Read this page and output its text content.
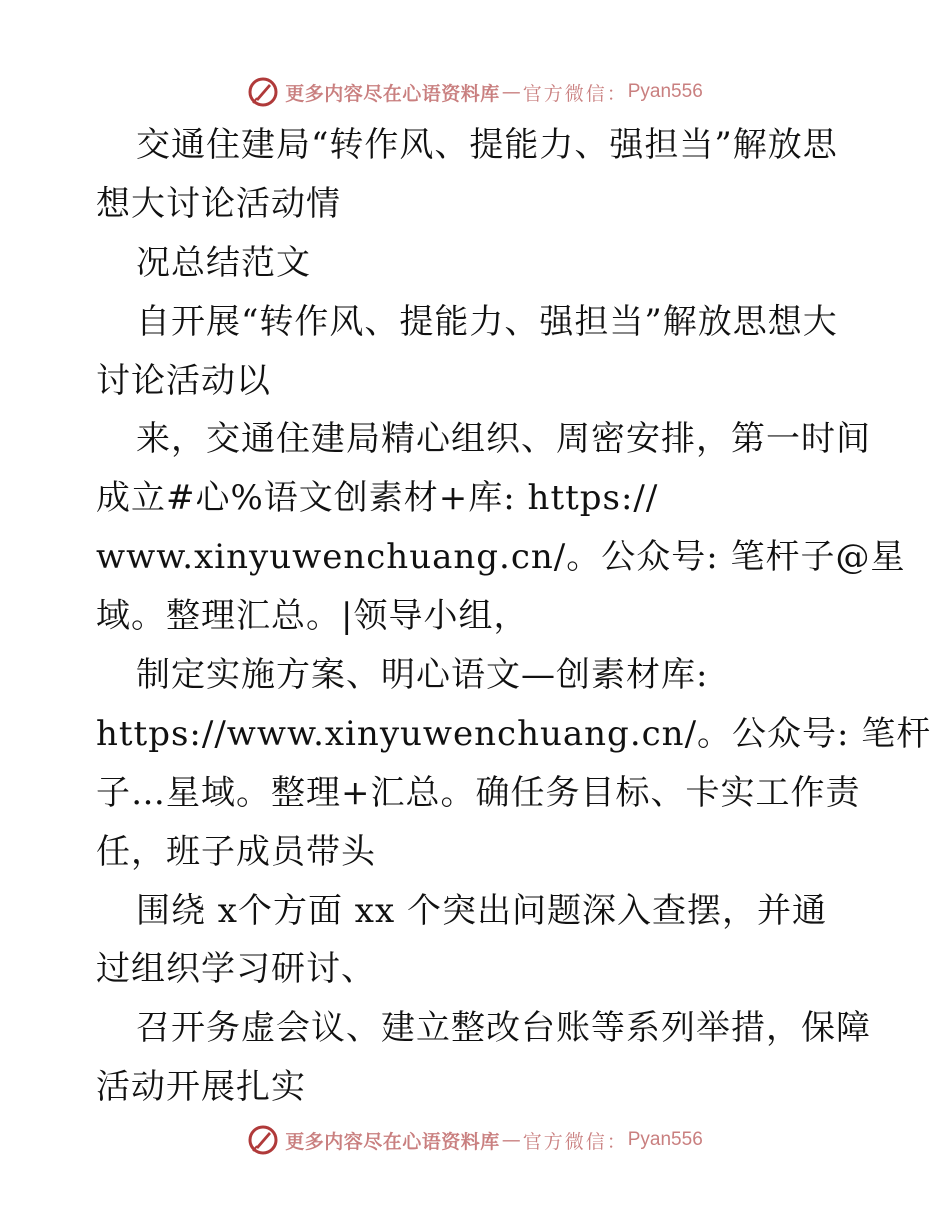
更多内容尽在心语资料库 — 官方微信： Pyan556
交通住建局“转作风、提能力、强担当”解放思
想大讨论活动情
况总结范文
自开展“转作风、提能力、强担当”解放思想大
讨论活动以
来，交通住建局精心组织、周密安排，第一时间
成立#心%语文创素材+库: https://
www.xinyuwenchuang.cn/。公众号: 笔杆子@星
域。整理汇总。|领导小组，
制定实施方案、明心语文—创素材库:
https://www.xinyuwenchuang.cn/。公众号: 笔杆
子…星域。整理+汇总。确任务目标、卡实工作责
任，班子成员带头
围绕 x个方面 xx 个突出问题深入查摆，并通
过组织学习研讨、
召开务虚会议、建立整改台账等系列举措，保障
活动开展扎实
更多内容尽在心语资料库 — 官方微信： Pyan556
